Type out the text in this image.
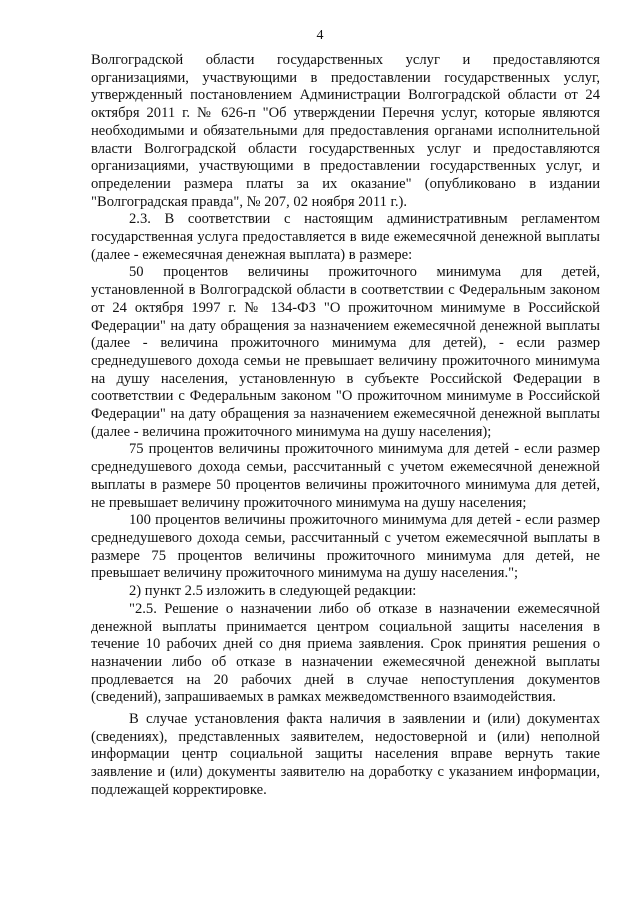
4

Волгоградской области государственных услуг и предоставляются организациями, участвующими в предоставлении государственных услуг, утвержденный постановлением Администрации Волгоградской области от 24 октября 2011 г. № 626-п "Об утверждении Перечня услуг, которые являются необходимыми и обязательными для предоставления органами исполнительной власти Волгоградской области государственных услуг и предоставляются организациями, участвующими в предоставлении государственных услуг, и определении размера платы за их оказание" (опубликовано в издании "Волгоградская правда", № 207, 02 ноября 2011 г.).

2.3. В соответствии с настоящим административным регламентом государственная услуга предоставляется в виде ежемесячной денежной выплаты (далее - ежемесячная денежная выплата) в размере:

50 процентов величины прожиточного минимума для детей, установленной в Волгоградской области в соответствии с Федеральным законом от 24 октября 1997 г. № 134-ФЗ "О прожиточном минимуме в Российской Федерации" на дату обращения за назначением ежемесячной денежной выплаты (далее - величина прожиточного минимума для детей), - если размер среднедушевого дохода семьи не превышает величину прожиточного минимума на душу населения, установленную в субъекте Российской Федерации в соответствии с Федеральным законом "О прожиточном минимуме в Российской Федерации" на дату обращения за назначением ежемесячной денежной выплаты (далее - величина прожиточного минимума на душу населения);

75 процентов величины прожиточного минимума для детей - если размер среднедушевого дохода семьи, рассчитанный с учетом ежемесячной денежной выплаты в размере 50 процентов величины прожиточного минимума для детей, не превышает величину прожиточного минимума на душу населения;

100 процентов величины прожиточного минимума для детей - если размер среднедушевого дохода семьи, рассчитанный с учетом ежемесячной выплаты в размере 75 процентов величины прожиточного минимума для детей, не превышает величину прожиточного минимума на душу населения.";

2) пункт 2.5 изложить в следующей редакции:

"2.5. Решение о назначении либо об отказе в назначении ежемесячной денежной выплаты принимается центром социальной защиты населения в течение 10 рабочих дней со дня приема заявления. Срок принятия решения о назначении либо об отказе в назначении ежемесячной денежной выплаты продлевается на 20 рабочих дней в случае непоступления документов (сведений), запрашиваемых в рамках межведомственного взаимодействия.

В случае установления факта наличия в заявлении и (или) документах (сведениях), представленных заявителем, недостоверной и (или) неполной информации центр социальной защиты населения вправе вернуть такие заявление и (или) документы заявителю на доработку с указанием информации, подлежащей корректировке.
